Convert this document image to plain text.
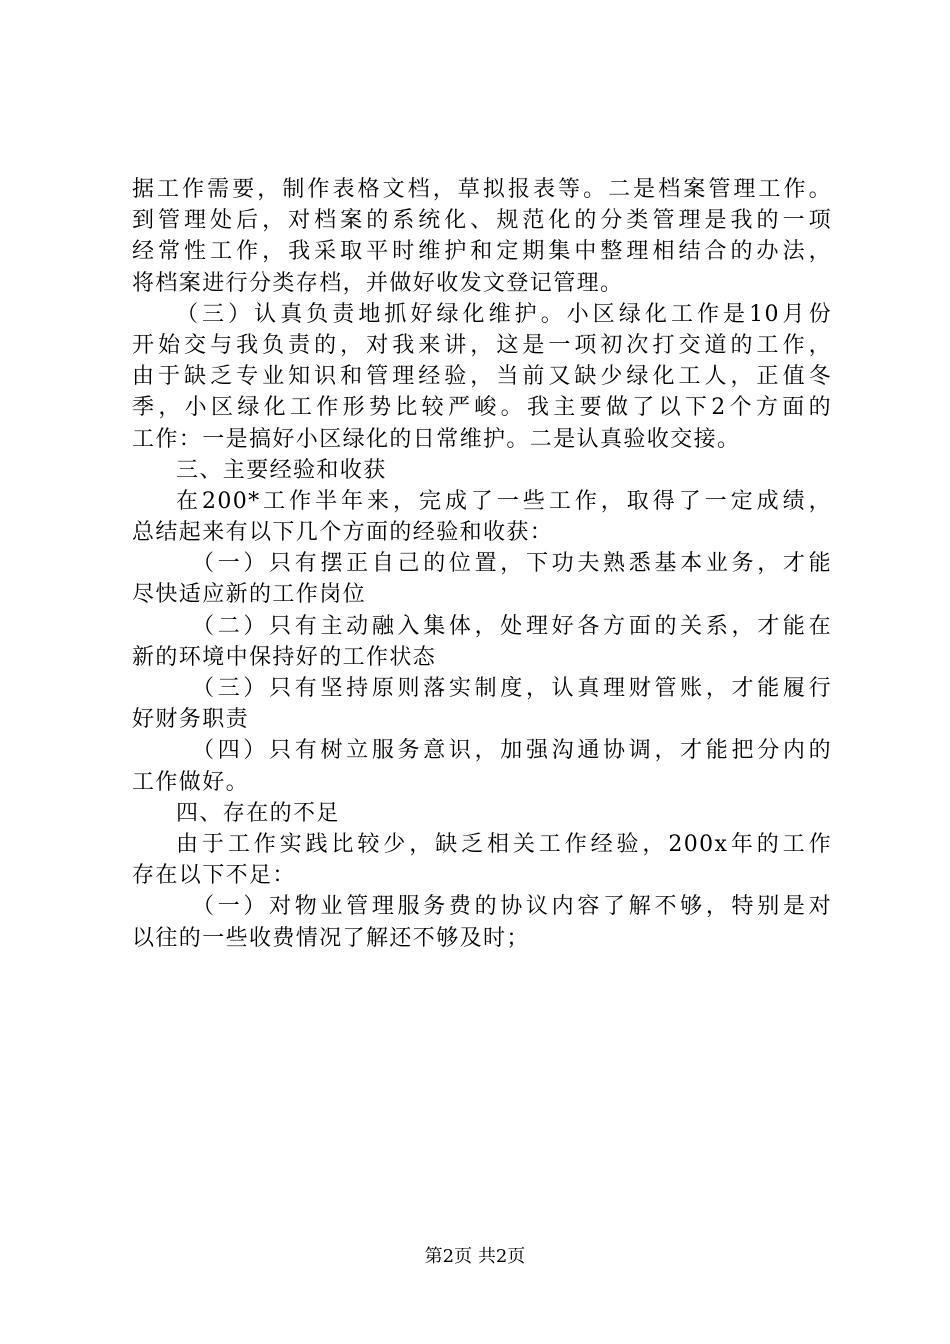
据工作需要，制作表格文档，草拟报表等。二是档案管理工作。
到管理处后，对档案的系统化、规范化的分类管理是我的一项
经常性工作，我采取平时维护和定期集中整理相结合的办法，
将档案进行分类存档，并做好收发文登记管理。
（三）认真负责地抓好绿化维护。小区绿化工作是10月份
开始交与我负责的，对我来讲，这是一项初次打交道的工作，
由于缺乏专业知识和管理经验，当前又缺少绿化工人，正值冬
季，小区绿化工作形势比较严峻。我主要做了以下2个方面的
工作：一是搞好小区绿化的日常维护。二是认真验收交接。
三、主要经验和收获
在200*工作半年来，完成了一些工作，取得了一定成绩，
总结起来有以下几个方面的经验和收获：
（一）只有摆正自己的位置，下功夫熟悉基本业务，才能
尽快适应新的工作岗位
（二）只有主动融入集体，处理好各方面的关系，才能在
新的环境中保持好的工作状态
（三）只有坚持原则落实制度，认真理财管账，才能履行
好财务职责
（四）只有树立服务意识，加强沟通协调，才能把分内的
工作做好。
四、存在的不足
由于工作实践比较少，缺乏相关工作经验，200x年的工作
存在以下不足：
（一）对物业管理服务费的协议内容了解不够，特别是对
以往的一些收费情况了解还不够及时；
第2页 共2页
